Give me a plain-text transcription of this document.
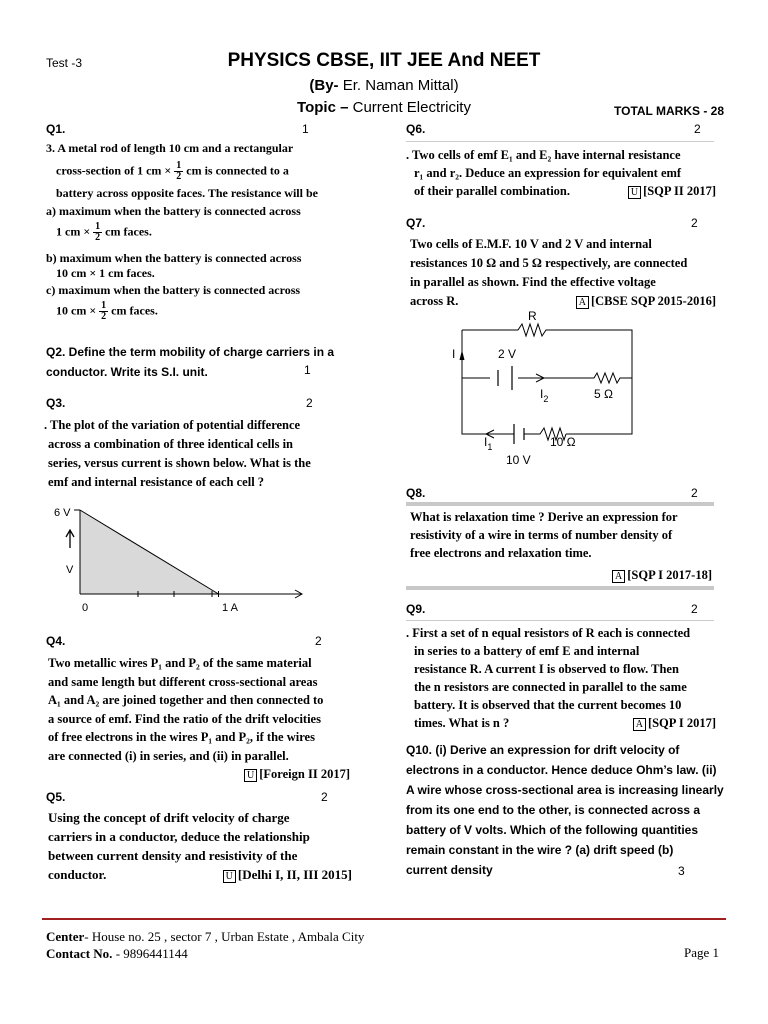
Test -3	PHYSICS CBSE, IIT JEE And NEET
(By- Er. Naman Mittal)
Topic – Current Electricity	TOTAL MARKS - 28
Q1.	1
3. A metal rod of length 10 cm and a rectangular
cross-section of 1 cm × $\frac{1}{2}$ cm is connected to a
battery across opposite faces. The resistance will be
a) maximum when the battery is connected across
1 cm × $\frac{1}{2}$ cm faces.
b) maximum when the battery is connected across
10 cm × 1 cm faces.
c) maximum when the battery is connected across
10 cm × $\frac{1}{2}$ cm faces.
Q2. Define the term mobility of charge carriers in a
conductor. Write its S.I. unit.	1
Q3.	2
. The plot of the variation of potential difference
across a combination of three identical cells in
series, versus current is shown below. What is the
emf and internal resistance of each cell ?
6 V
V
0	1 A
Q4.	2
Two metallic wires P₁ and P₂ of the same material
and same length but different cross-sectional areas
A₁ and A₂ are joined together and then connected to
a source of emf. Find the ratio of the drift velocities
of free electrons in the wires P₁ and P₂, if the wires
are connected (i) in series, and (ii) in parallel.
U [Foreign II 2017]
Q5.	2
Using the concept of drift velocity of charge
carriers in a conductor, deduce the relationship
between current density and resistivity of the
conductor.	U [Delhi I, II, III 2015]
Q6.	2
. Two cells of emf E₁ and E₂ have internal resistance
r₁ and r₂. Deduce an expression for equivalent emf
of their parallel combination.	U [SQP II 2017]
Q7.	2
Two cells of E.M.F. 10 V and 2 V and internal
resistances 10 Ω and 5 Ω respectively, are connected
in parallel as shown. Find the effective voltage
across R.	A [CBSE SQP 2015-2016]
R
I	2 V
$I_2$	5 Ω
$I_1$	10 Ω
10 V
Q8.	2
What is relaxation time ? Derive an expression for
resistivity of a wire in terms of number density of
free electrons and relaxation time.
A [SQP I 2017-18]
Q9.	2
. First a set of n equal resistors of R each is connected
in series to a battery of emf E and internal
resistance R. A current I is observed to flow. Then
the n resistors are connected in parallel to the same
battery. It is observed that the current becomes 10
times. What is n ?	A [SQP I 2017]
Q10. (i) Derive an expression for drift velocity of
electrons in a conductor. Hence deduce Ohm’s law. (ii)
A wire whose cross-sectional area is increasing linearly
from its one end to the other, is connected across a
battery of V volts. Which of the following quantities
remain constant in the wire ? (a) drift speed (b)
current density	3
Center- House no. 25 , sector 7 , Urban Estate , Ambala City
Contact No. - 9896441144	Page 1
